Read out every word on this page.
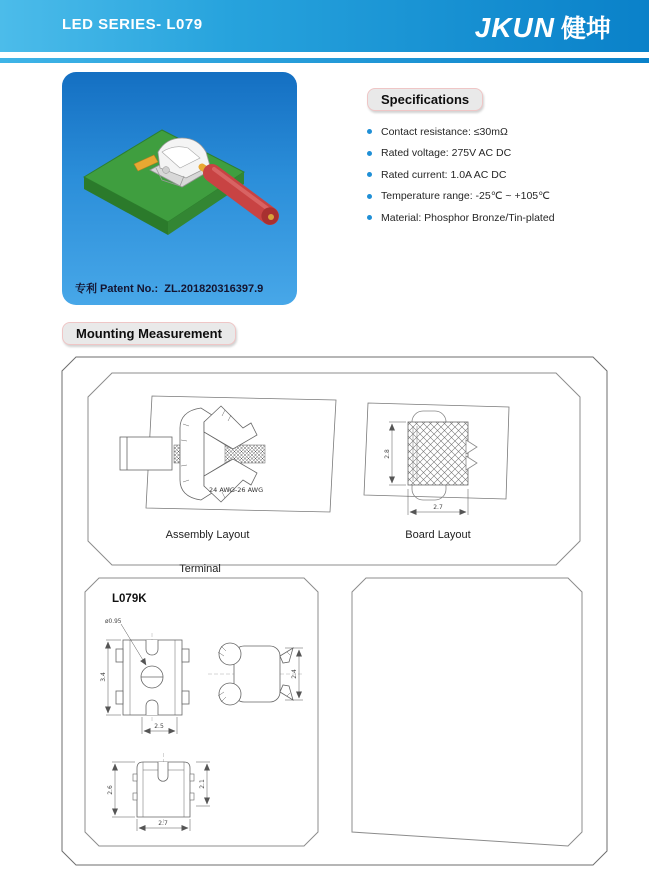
LED SERIES- L079	JKUN 健坤
专利 Patent No.:  ZL.201820316397.9
Specifications
Contact resistance: ≤30mΩ
Rated voltage: 275V AC DC
Rated current: 1.0A AC DC
Temperature range: -25℃ ~ +105℃
Material: Phosphor Bronze/Tin-plated
Mounting Measurement
24 AWG-26 AWG
2.8
2.7
ø0.95
3.4
2.5
2.4
2.6
2.1
2.7
Assembly Layout	Board Layout
Terminal
L079K
